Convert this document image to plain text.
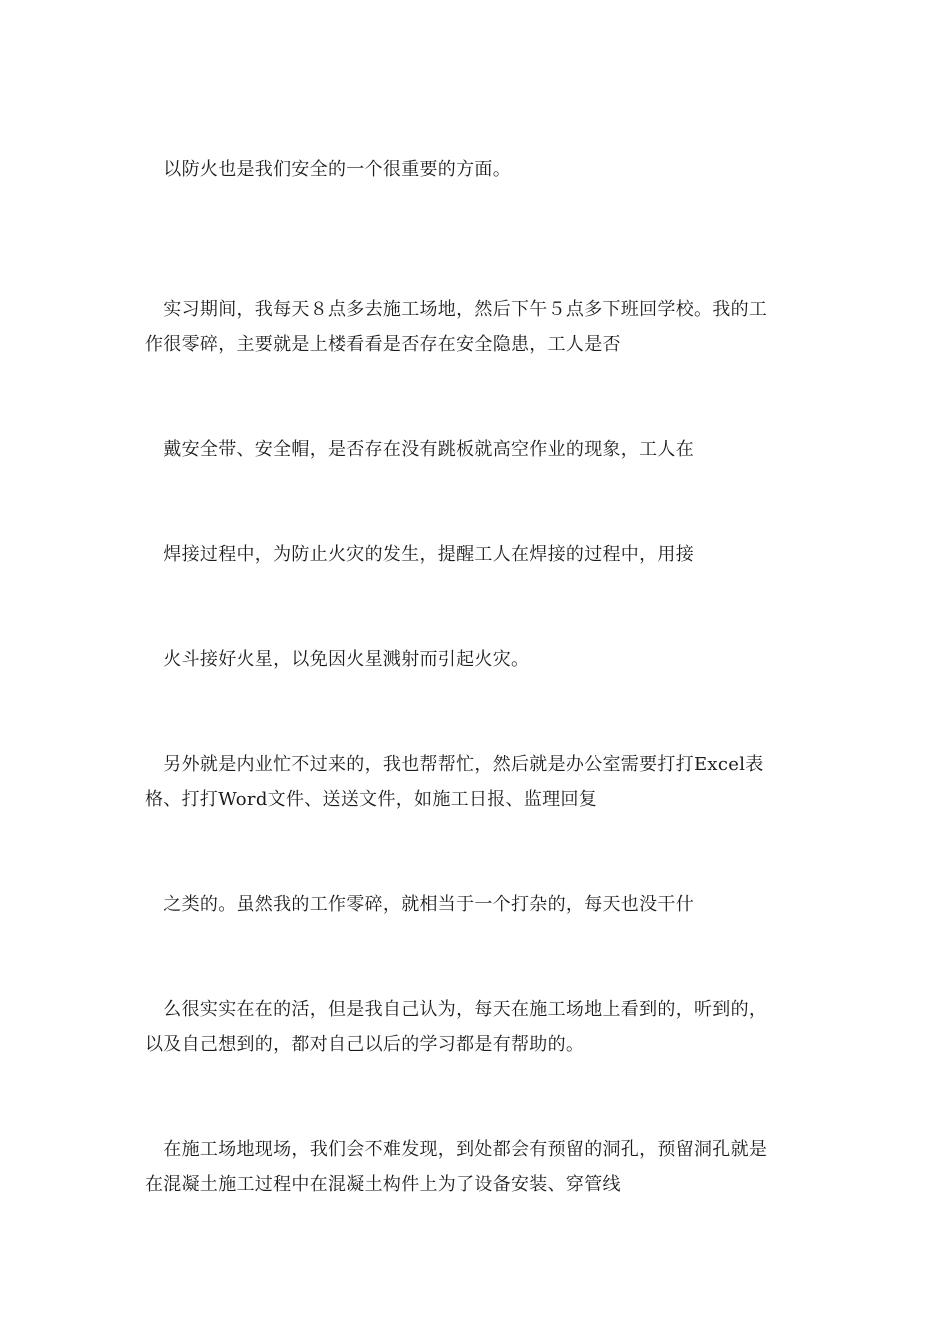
　以防火也是我们安全的一个很重要的方面。
　实习期间，我每天８点多去施工场地，然后下午５点多下班回学校。我的工
作很零碎，主要就是上楼看看是否存在安全隐患，工人是否
　戴安全带、安全帽，是否存在没有跳板就高空作业的现象，工人在
　焊接过程中，为防止火灾的发生，提醒工人在焊接的过程中，用接
　火斗接好火星，以免因火星溅射而引起火灾。
　另外就是内业忙不过来的，我也帮帮忙，然后就是办公室需要打打Excel表
格、打打Word文件、送送文件，如施工日报、监理回复
　之类的。虽然我的工作零碎，就相当于一个打杂的，每天也没干什
　么很实实在在的活，但是我自己认为，每天在施工场地上看到的，听到的，
以及自己想到的，都对自己以后的学习都是有帮助的。
　在施工场地现场，我们会不难发现，到处都会有预留的洞孔，预留洞孔就是
在混凝土施工过程中在混凝土构件上为了设备安装、穿管线
